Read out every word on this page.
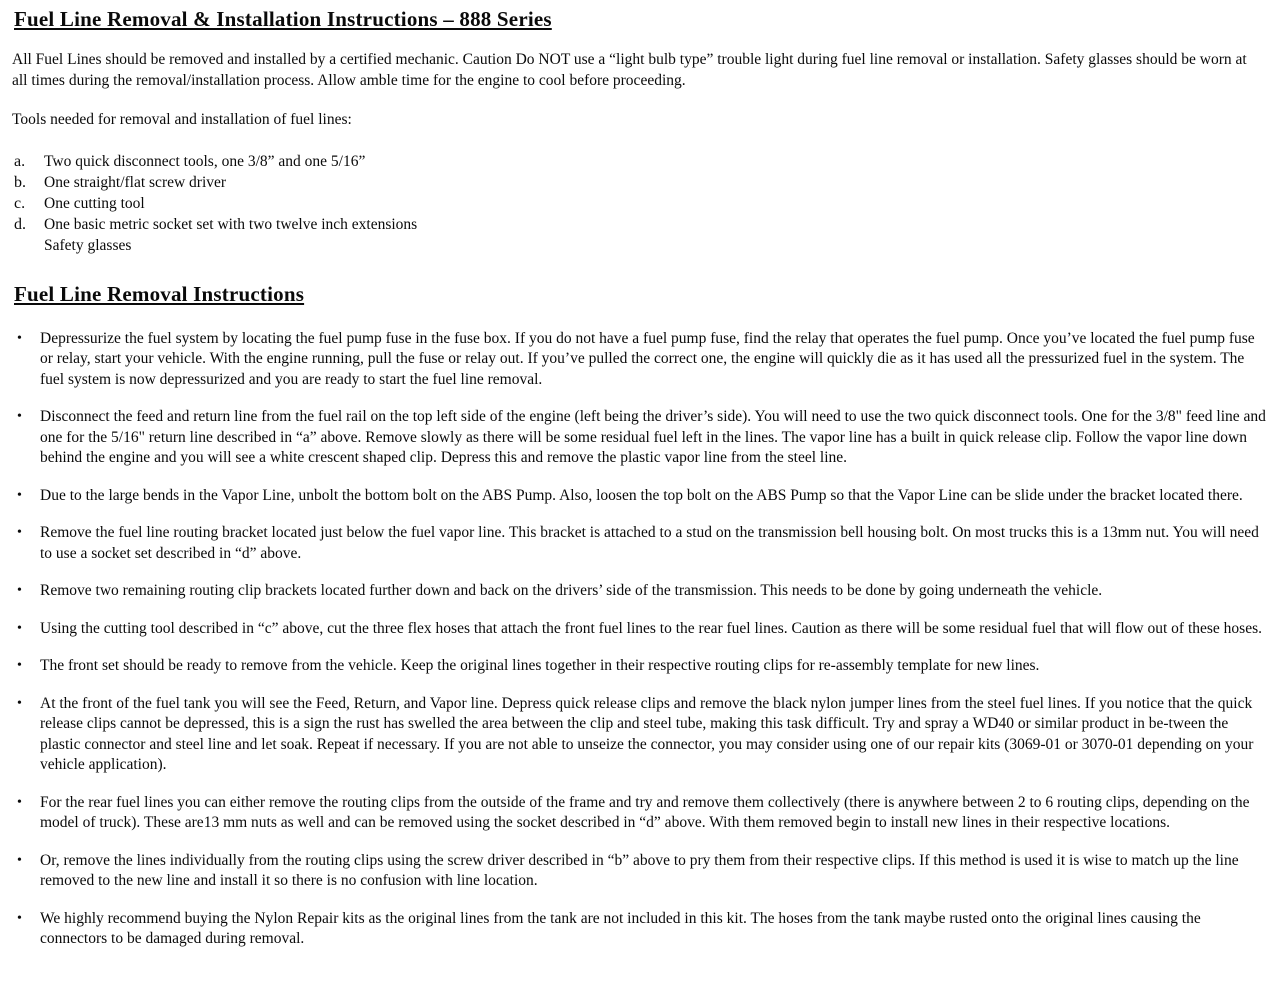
Fuel Line Removal & Installation Instructions – 888 Series

All Fuel Lines should be removed and installed by a certified mechanic. Caution Do NOT use a “light bulb type” trouble light during fuel line removal or installation. Safety glasses should be worn at all times during the removal/installation process. Allow amble time for the engine to cool before proceeding.

Tools needed for removal and installation of fuel lines:

a.	Two quick disconnect tools, one 3/8” and one 5/16”
b.	One straight/flat screw driver
c.	One cutting tool
d.	One basic metric socket set with two twelve inch extensions
Safety glasses
Fuel Line Removal Instructions
• Depressurize the fuel system by locating the fuel pump fuse in the fuse box. If you do not have a fuel pump fuse, find the relay that operates the fuel pump. Once you’ve located the fuel pump fuse or relay, start your vehicle. With the engine running, pull the fuse or relay out. If you’ve pulled the correct one, the engine will quickly die as it has used all the pressurized fuel in the system. The fuel system is now depressurized and you are ready to start the fuel line removal.
• Disconnect the feed and return line from the fuel rail on the top left side of the engine (left being the driver’s side). You will need to use the two quick disconnect tools. One for the 3/8" feed line and one for the 5/16" return line described in “a” above. Remove slowly as there will be some residual fuel left in the lines. The vapor line has a built in quick release clip. Follow the vapor line down behind the engine and you will see a white crescent shaped clip. Depress this and remove the plastic vapor line from the steel line.
• Due to the large bends in the Vapor Line, unbolt the bottom bolt on the ABS Pump. Also, loosen the top bolt on the ABS Pump so that the Vapor Line can be slide under the bracket located there.
• Remove the fuel line routing bracket located just below the fuel vapor line. This bracket is attached to a stud on the transmission bell housing bolt. On most trucks this is a 13mm nut. You will need to use a socket set described in “d” above.
• Remove two remaining routing clip brackets located further down and back on the drivers’ side of the transmission. This needs to be done by going underneath the vehicle.
• Using the cutting tool described in “c” above, cut the three flex hoses that attach the front fuel lines to the rear fuel lines. Caution as there will be some residual fuel that will flow out of these hoses.
• The front set should be ready to remove from the vehicle. Keep the original lines together in their respective routing clips for re-assembly template for new lines.
• At the front of the fuel tank you will see the Feed, Return, and Vapor line. Depress quick release clips and remove the black nylon jumper lines from the steel fuel lines. If you notice that the quick release clips cannot be depressed, this is a sign the rust has swelled the area between the clip and steel tube, making this task difficult. Try and spray a WD40 or similar product in be-tween the plastic connector and steel line and let soak. Repeat if necessary. If you are not able to unseize the connector, you may consider using one of our repair kits (3069-01 or 3070-01 depending on your vehicle application).
• For the rear fuel lines you can either remove the routing clips from the outside of the frame and try and remove them collectively (there is anywhere between 2 to 6 routing clips, depending on the model of truck). These are13 mm nuts as well and can be removed using the socket described in “d” above. With them removed begin to install new lines in their respective locations.
• Or, remove the lines individually from the routing clips using the screw driver described in “b” above to pry them from their respective clips. If this method is used it is wise to match up the line removed to the new line and install it so there is no confusion with line location.
• We highly recommend buying the Nylon Repair kits as the original lines from the tank are not included in this kit. The hoses from the tank maybe rusted onto the original lines causing the connectors to be damaged during removal.
